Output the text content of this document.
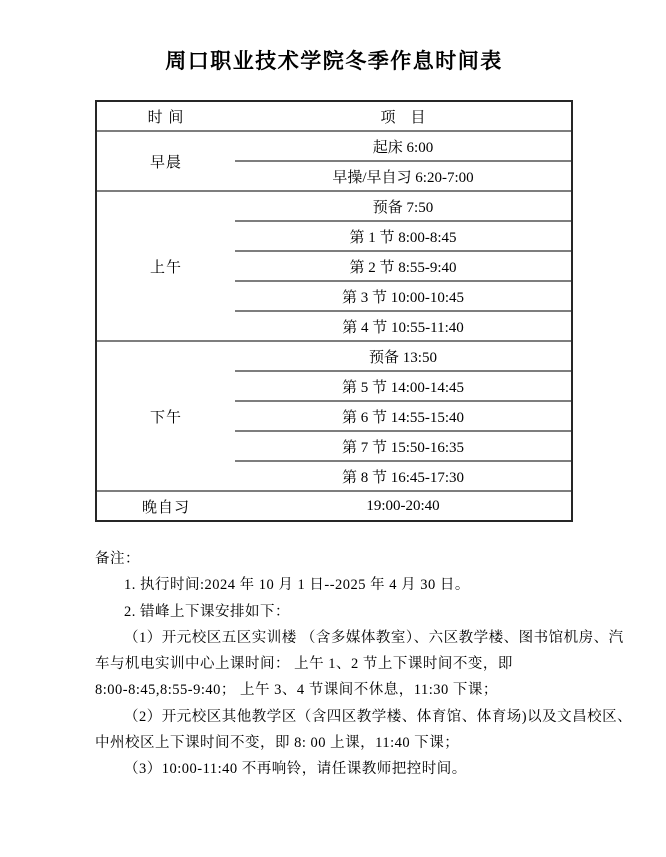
周口职业技术学院冬季作息时间表
时 间	项　目
早晨	起床 6:00
	早操/早自习 6:20-7:00
上午	预备 7:50
	第 1 节 8:00-8:45
	第 2 节 8:55-9:40
	第 3 节 10:00-10:45
	第 4 节 10:55-11:40
下午	预备 13:50
	第 5 节 14:00-14:45
	第 6 节 14:55-15:40
	第 7 节 15:50-16:35
	第 8 节 16:45-17:30
晚自习	19:00-20:40
备注：
1. 执行时间:2024 年 10 月 1 日--2025 年 4 月 30 日。
2. 错峰上下课安排如下：
（1）开元校区五区实训楼 （含多媒体教室）、六区教学楼、图书馆机房、汽
车与机电实训中心上课时间： 上午 1、2 节上下课时间不变，即
8:00-8:45,8:55-9:40； 上午 3、4 节课间不休息，11:30 下课；
（2）开元校区其他教学区（含四区教学楼、体育馆、体育场)以及文昌校区、
中州校区上下课时间不变，即 8: 00 上课，11:40 下课；
（3）10:00-11:40 不再响铃，请任课教师把控时间。
